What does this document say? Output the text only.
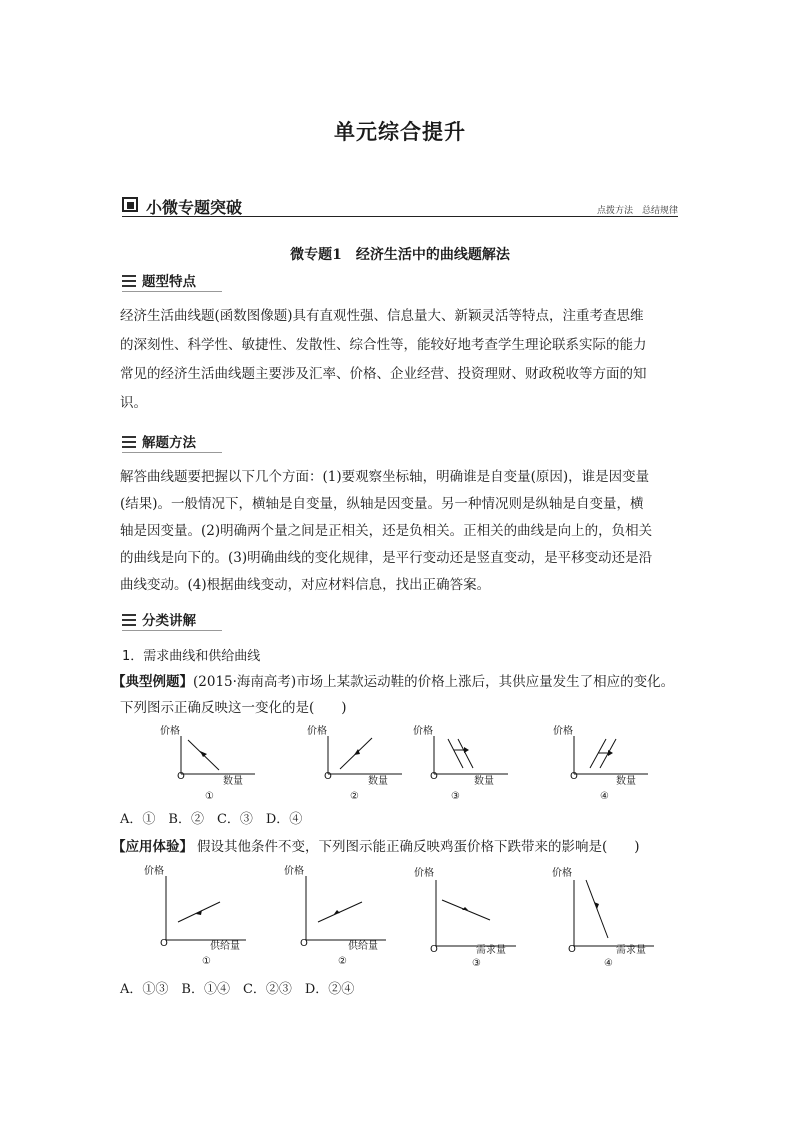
单元综合提升
小微专题突破	点拨方法　总结规律
微专题1　经济生活中的曲线题解法
题型特点
经济生活曲线题(函数图像题)具有直观性强、信息量大、新颖灵活等特点，注重考查思维
的深刻性、科学性、敏捷性、发散性、综合性等，能较好地考查学生理论联系实际的能力
常见的经济生活曲线题主要涉及汇率、价格、企业经营、投资理财、财政税收等方面的知
识。
解题方法
解答曲线题要把握以下几个方面：(1)要观察坐标轴，明确谁是自变量(原因)，谁是因变量
(结果)。一般情况下，横轴是自变量，纵轴是因变量。另一种情况则是纵轴是自变量，横
轴是因变量。(2)明确两个量之间是正相关，还是负相关。正相关的曲线是向上的，负相关
的曲线是向下的。(3)明确曲线的变化规律，是平行变动还是竖直变动，是平移变动还是沿
曲线变动。(4)根据曲线变动，对应材料信息，找出正确答案。
分类讲解
1．需求曲线和供给曲线
【典型例题】(2015·海南高考)市场上某款运动鞋的价格上涨后，其供应量发生了相应的变化。
下列图示正确反映这一变化的是(　　)
价格
O	数量
①
价格
O	数量
②
价格
O	数量
③
价格
O	数量
④
A．①　B．②　C．③　D．④
【应用体验】 假设其他条件不变，下列图示能正确反映鸡蛋价格下跌带来的影响是(　　)
价格
O	供给量
①
价格
O	供给量
②
价格
O	需求量
③
价格
O	需求量
④
A．①③　B．①④　C．②③　D．②④
